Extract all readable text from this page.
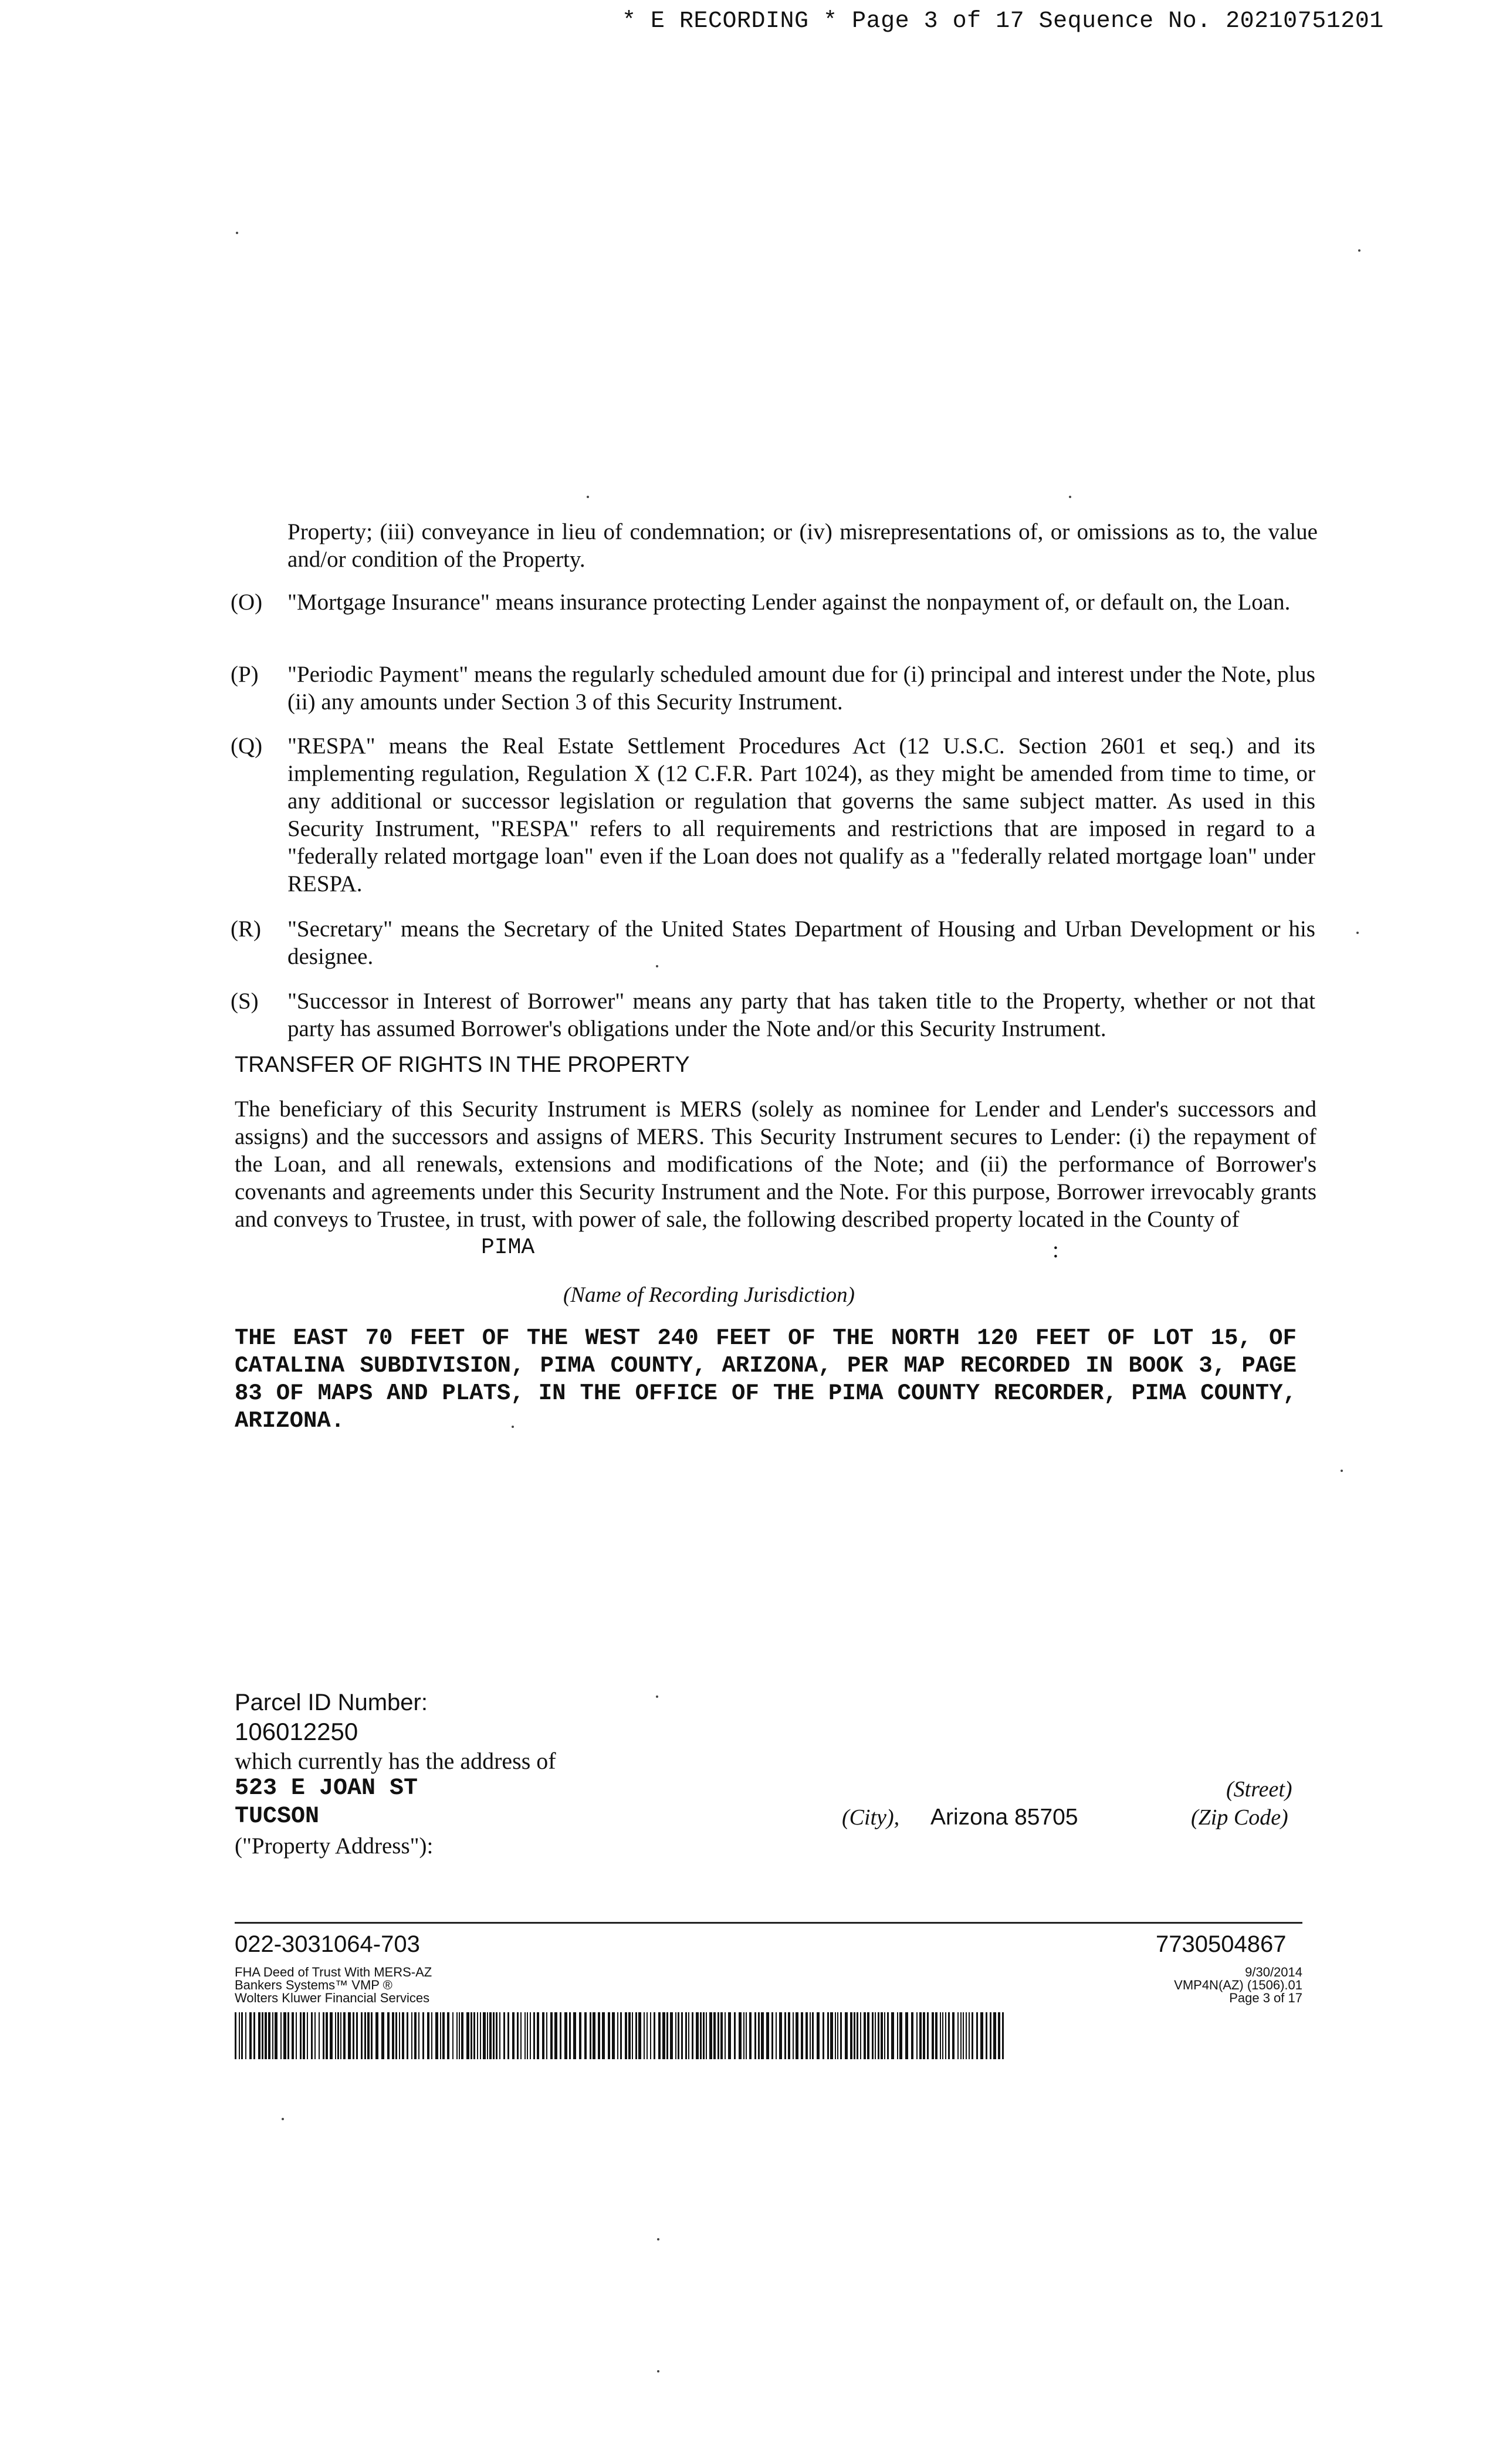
* E RECORDING * Page 3 of 17 Sequence No. 20210751201
Property; (iii) conveyance in lieu of condemnation; or (iv) misrepresentations of, or omissions as to, the value and/or condition of the Property.
(O) "Mortgage Insurance" means insurance protecting Lender against the nonpayment of, or default on, the Loan.
(P) "Periodic Payment" means the regularly scheduled amount due for (i) principal and interest under the Note, plus (ii) any amounts under Section 3 of this Security Instrument.
(Q) "RESPA" means the Real Estate Settlement Procedures Act (12 U.S.C. Section 2601 et seq.) and its implementing regulation, Regulation X (12 C.F.R. Part 1024), as they might be amended from time to time, or any additional or successor legislation or regulation that governs the same subject matter. As used in this Security Instrument, "RESPA" refers to all requirements and restrictions that are imposed in regard to a "federally related mortgage loan" even if the Loan does not qualify as a "federally related mortgage loan" under RESPA.
(R) "Secretary" means the Secretary of the United States Department of Housing and Urban Development or his designee.
(S) "Successor in Interest of Borrower" means any party that has taken title to the Property, whether or not that party has assumed Borrower's obligations under the Note and/or this Security Instrument.
TRANSFER OF RIGHTS IN THE PROPERTY
The beneficiary of this Security Instrument is MERS (solely as nominee for Lender and Lender's successors and assigns) and the successors and assigns of MERS. This Security Instrument secures to Lender: (i) the repayment of the Loan, and all renewals, extensions and modifications of the Note; and (ii) the performance of Borrower's covenants and agreements under this Security Instrument and the Note. For this purpose, Borrower irrevocably grants and conveys to Trustee, in trust, with power of sale, the following described property located in the County of
PIMA	:
(Name of Recording Jurisdiction)
THE EAST 70 FEET OF THE WEST 240 FEET OF THE NORTH 120 FEET OF LOT 15, OF CATALINA SUBDIVISION, PIMA COUNTY, ARIZONA, PER MAP RECORDED IN BOOK 3, PAGE 83 OF MAPS AND PLATS, IN THE OFFICE OF THE PIMA COUNTY RECORDER, PIMA COUNTY, ARIZONA.
Parcel ID Number:
106012250
which currently has the address of
523 E JOAN ST	(Street)
TUCSON	(City), Arizona 85705	(Zip Code)
("Property Address"):
022-3031064-703	7730504867
FHA Deed of Trust With MERS-AZ
Bankers Systems™ VMP ®
Wolters Kluwer Financial Services
9/30/2014
VMP4N(AZ) (1506).01
Page 3 of 17
